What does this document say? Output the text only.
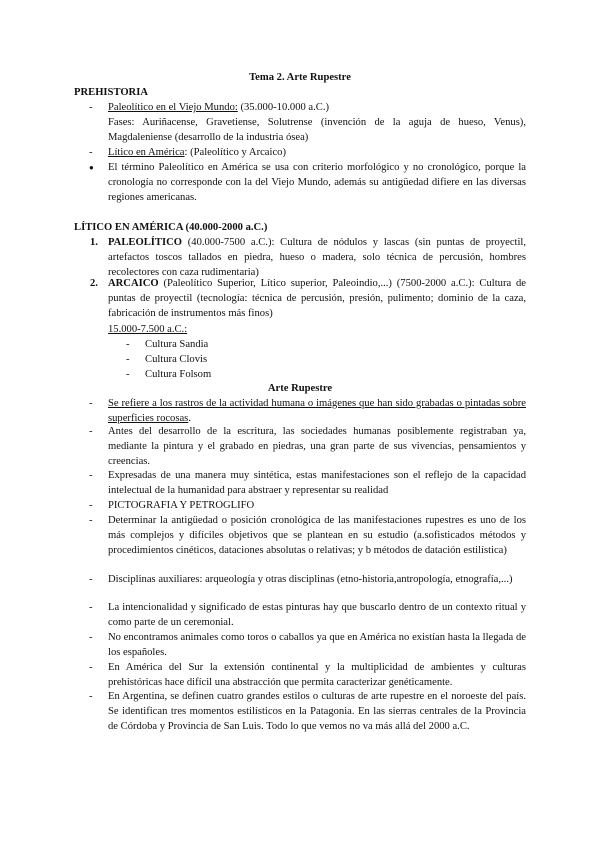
Tema 2. Arte Rupestre
PREHISTORIA
-	Paleolítico en el Viejo Mundo: (35.000-10.000 a.C.)
Fases: Auriñacense, Gravetiense, Solutrense (invención de la aguja de hueso, Venus), Magdaleniense (desarrollo de la industria ósea)
-	Lítico en América: (Paleolítico y Arcaico)
●	El término Paleolítico en América se usa con criterio morfológico y no cronológico, porque la cronología no corresponde con la del Viejo Mundo, además su antigüedad difiere en las diversas regiones americanas.
LÍTICO EN AMÉRICA (40.000-2000 a.C.)
1. PALEOLÍTICO (40.000-7500 a.C.): Cultura de nódulos y lascas (sin puntas de proyectil, artefactos toscos tallados en piedra, hueso o madera, solo técnica de percusión, hombres recolectores con caza rudimentaria)
2. ARCAICO (Paleolítico Superior, Lítico superior, Paleoindio,...) (7500-2000 a.C.): Cultura de puntas de proyectil (tecnología: técnica de percusión, presión, pulimento; dominio de la caza, fabricación de instrumentos más finos)
15.000-7.500 a.C.:
-	Cultura Sandia
-	Cultura Clovis
-	Cultura Folsom
Arte Rupestre
-	Se refiere a los rastros de la actividad humana o imágenes que han sido grabadas o pintadas sobre superficies rocosas.
-	Antes del desarrollo de la escritura, las sociedades humanas posiblemente registraban ya, mediante la pintura y el grabado en piedras, una gran parte de sus vivencias, pensamientos y creencias.
-	Expresadas de una manera muy sintética, estas manifestaciones son el reflejo de la capacidad intelectual de la humanidad para abstraer y representar su realidad
-	PICTOGRAFIA Y PETROGLIFO
-	Determinar la antigüedad o posición cronológica de las manifestaciones rupestres es uno de los más complejos y difíciles objetivos que se plantean en su estudio (a.sofisticados métodos y procedimientos cinéticos, dataciones absolutas o relativas; y b métodos de datación estilística)
-	Disciplinas auxiliares: arqueología y otras disciplinas (etno-historia,antropología, etnografía,...)
-	La intencionalidad y significado de estas pinturas hay que buscarlo dentro de un contexto ritual y como parte de un ceremonial.
-	No encontramos animales como toros o caballos ya que en América no existían hasta la llegada de los españoles.
-	En América del Sur la extensión continental y la multiplicidad de ambientes y culturas prehistóricas hace difícil una abstracción que permita caracterizar genéticamente.
-	En Argentina, se definen cuatro grandes estilos o culturas de arte rupestre en el noroeste del país. Se identifican tres momentos estilísticos en la Patagonia. En las sierras centrales de la Provincia de Córdoba y Provincia de San Luis. Todo lo que vemos no va más allá del 2000 a.C.
